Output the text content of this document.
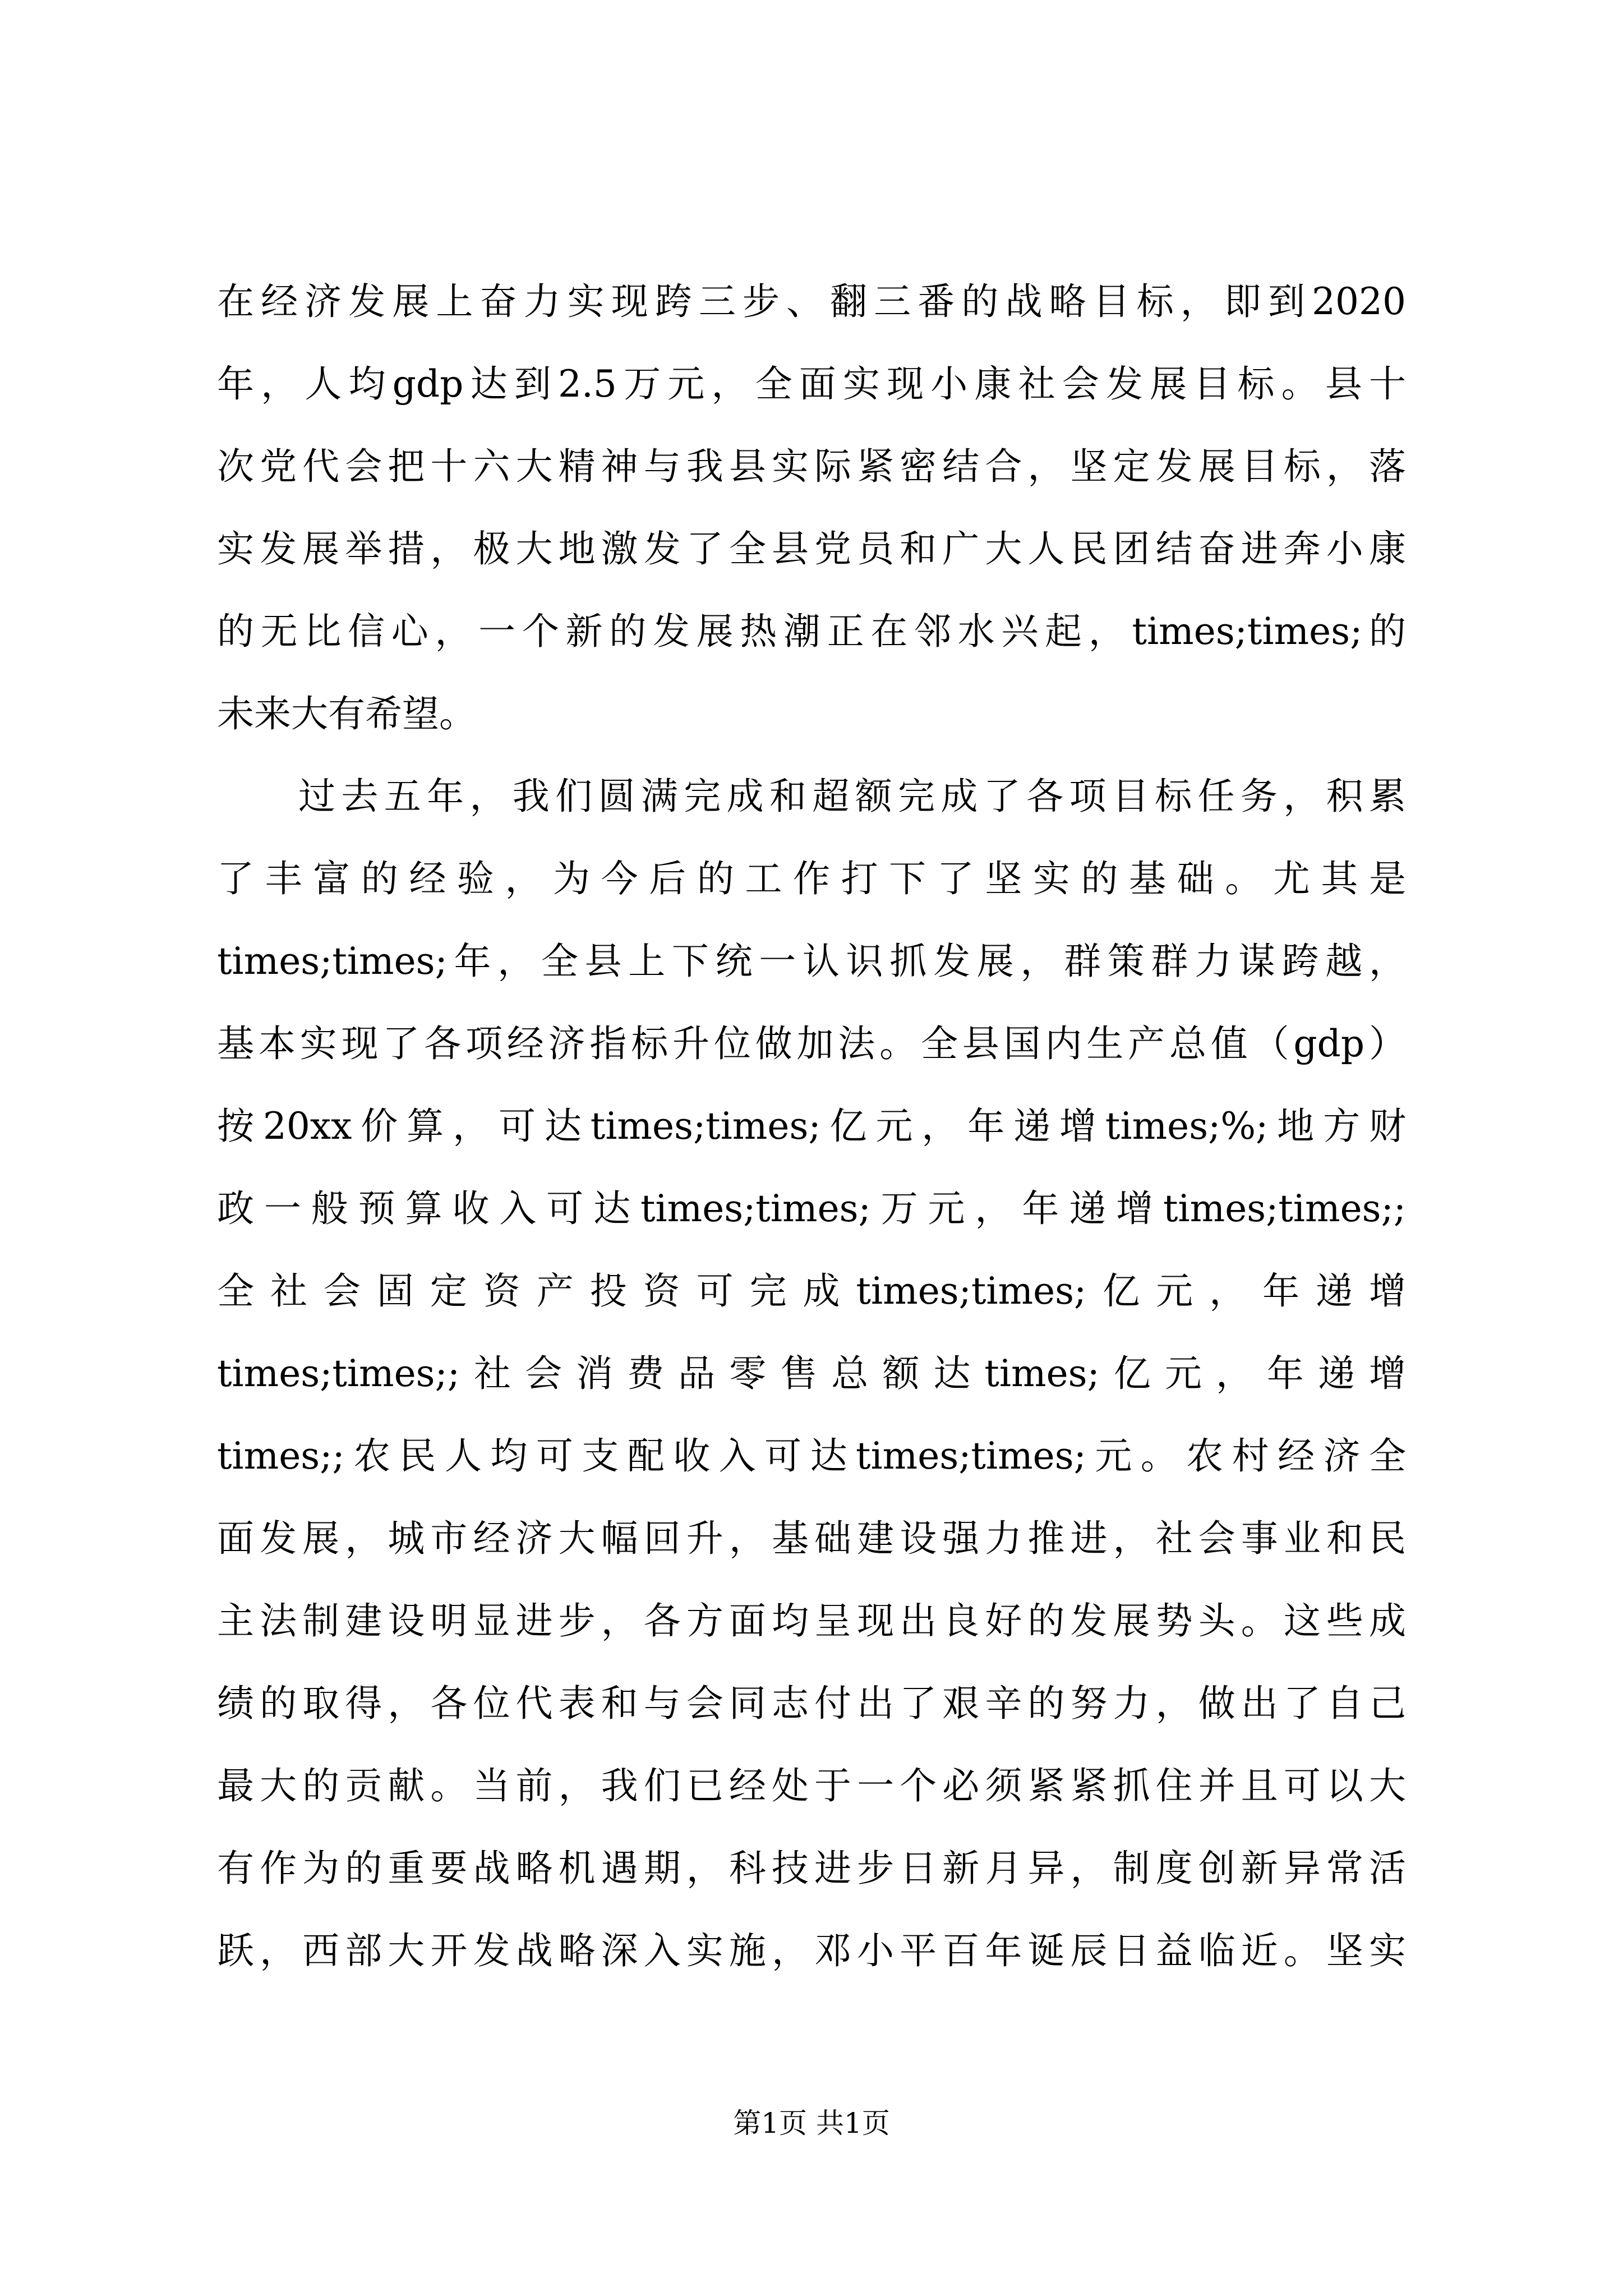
在经济发展上奋力实现跨三步、翻三番的战略目标，即到2020
年，人均gdp达到2.5万元，全面实现小康社会发展目标。县十
次党代会把十六大精神与我县实际紧密结合，坚定发展目标，落
实发展举措，极大地激发了全县党员和广大人民团结奋进奔小康
的无比信心，一个新的发展热潮正在邻水兴起，times;times;的
未来大有希望。
过去五年，我们圆满完成和超额完成了各项目标任务，积累
了丰富的经验，为今后的工作打下了坚实的基础。尤其是
times;times;年，全县上下统一认识抓发展，群策群力谋跨越，
基本实现了各项经济指标升位做加法。全县国内生产总值（gdp）
按20xx价算，可达times;times;亿元，年递增times;%;地方财
政一般预算收入可达times;times;万元，年递增times;times;;
全社会固定资产投资可完成times;times;亿元，年递增
times;times;;社会消费品零售总额达times;亿元，年递增
times;;农民人均可支配收入可达times;times;元。农村经济全
面发展，城市经济大幅回升，基础建设强力推进，社会事业和民
主法制建设明显进步，各方面均呈现出良好的发展势头。这些成
绩的取得，各位代表和与会同志付出了艰辛的努力，做出了自己
最大的贡献。当前，我们已经处于一个必须紧紧抓住并且可以大
有作为的重要战略机遇期，科技进步日新月异，制度创新异常活
跃，西部大开发战略深入实施，邓小平百年诞辰日益临近。坚实
第1页 共1页
